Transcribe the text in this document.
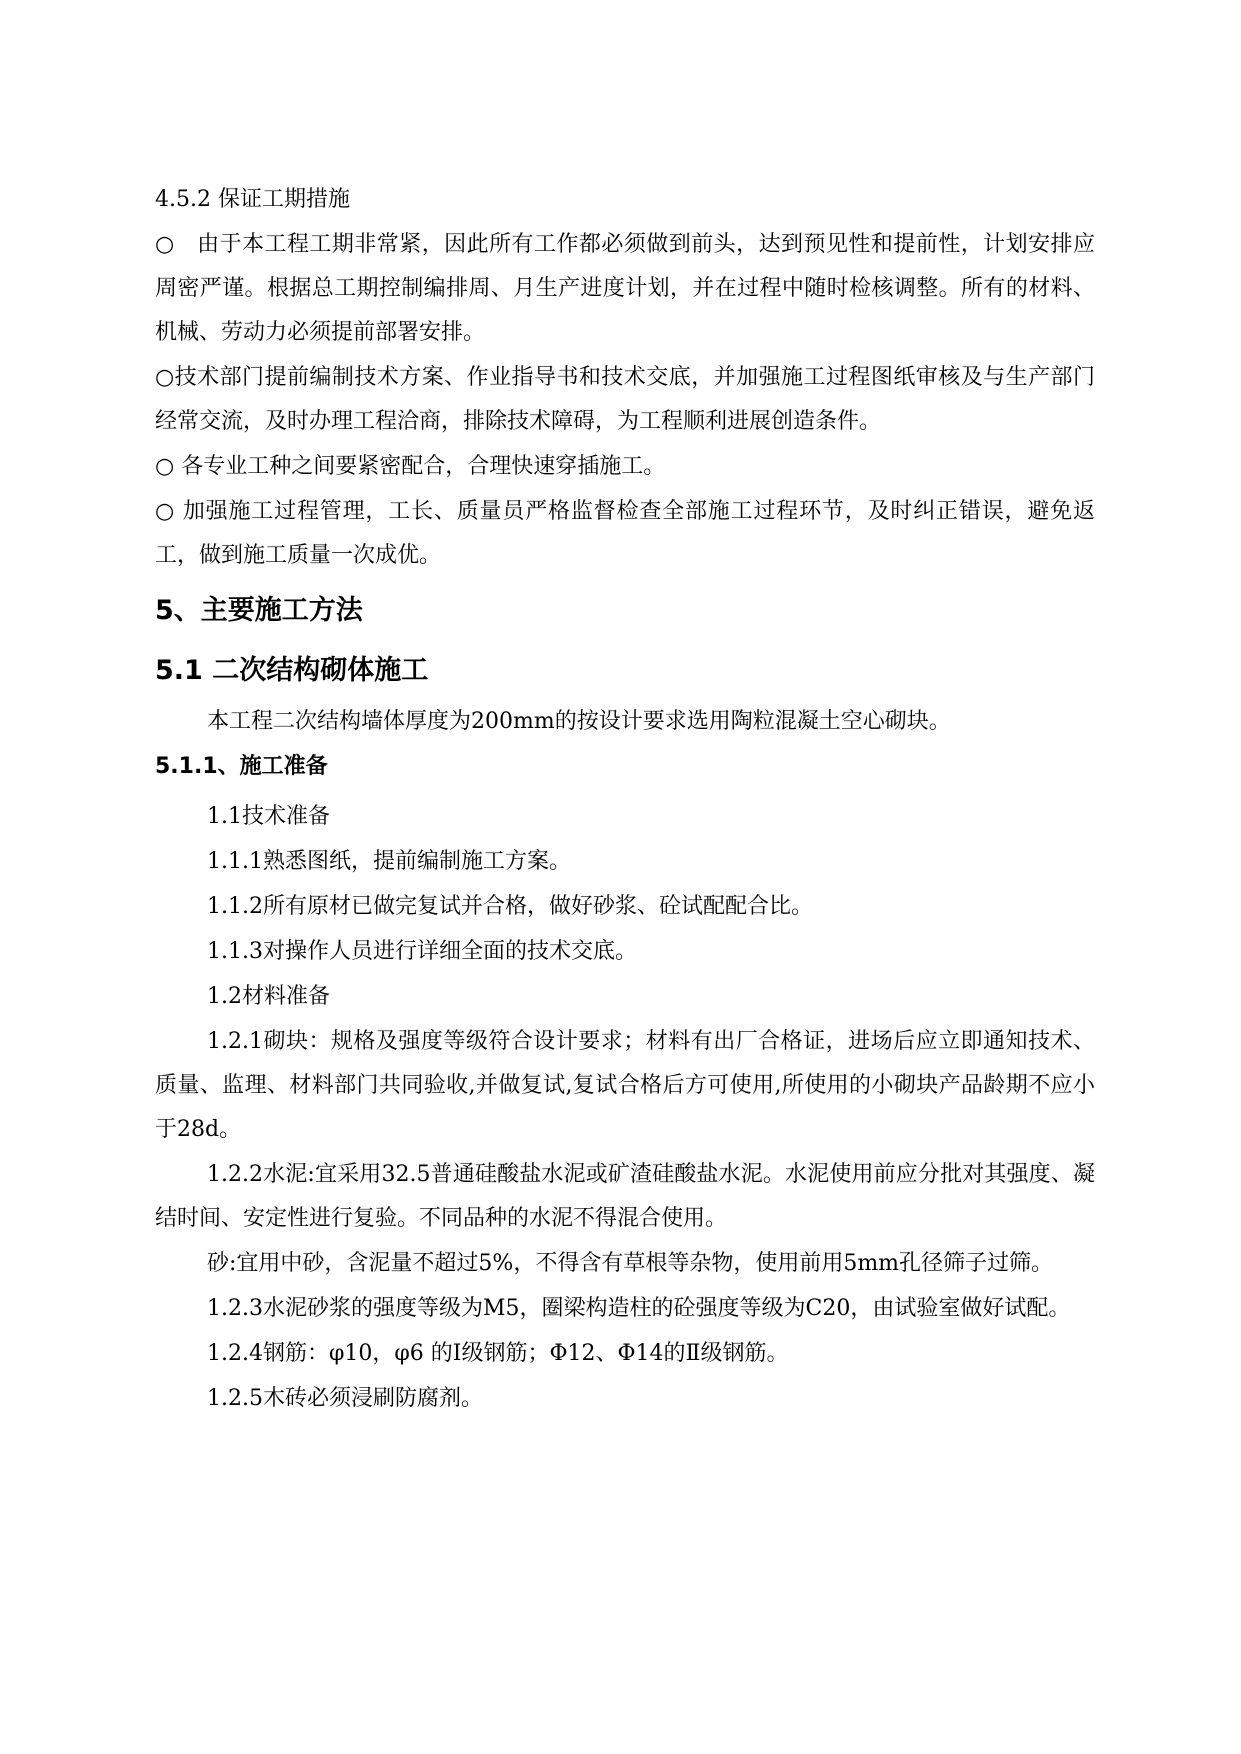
4.5.2 保证工期措施

○　由于本工程工期非常紧，因此所有工作都必须做到前头，达到预见性和提前性，计划安排应周密严谨。根据总工期控制编排周、月生产进度计划，并在过程中随时检核调整。所有的材料、机械、劳动力必须提前部署安排。

○技术部门提前编制技术方案、作业指导书和技术交底，并加强施工过程图纸审核及与生产部门经常交流，及时办理工程洽商，排除技术障碍，为工程顺利进展创造条件。

○ 各专业工种之间要紧密配合，合理快速穿插施工。

○ 加强施工过程管理，工长、质量员严格监督检查全部施工过程环节，及时纠正错误，避免返工，做到施工质量一次成优。

5、主要施工方法
5.1 二次结构砌体施工

本工程二次结构墙体厚度为200mm的按设计要求选用陶粒混凝土空心砌块。

5.1.1、施工准备

1.1技术准备

1.1.1熟悉图纸，提前编制施工方案。

1.1.2所有原材已做完复试并合格，做好砂浆、砼试配配合比。

1.1.3对操作人员进行详细全面的技术交底。

1.2材料准备

1.2.1砌块：规格及强度等级符合设计要求；材料有出厂合格证，进场后应立即通知技术、质量、监理、材料部门共同验收,并做复试,复试合格后方可使用,所使用的小砌块产品龄期不应小于28d。

1.2.2水泥:宜采用32.5普通硅酸盐水泥或矿渣硅酸盐水泥。水泥使用前应分批对其强度、凝结时间、安定性进行复验。不同品种的水泥不得混合使用。

砂:宜用中砂，含泥量不超过5%，不得含有草根等杂物，使用前用5mm孔径筛子过筛。

1.2.3水泥砂浆的强度等级为M5，圈梁构造柱的砼强度等级为C20，由试验室做好试配。

1.2.4钢筋：φ10，φ6 的Ⅰ级钢筋；Φ12、Φ14的Ⅱ级钢筋。

1.2.5木砖必须浸刷防腐剂。
